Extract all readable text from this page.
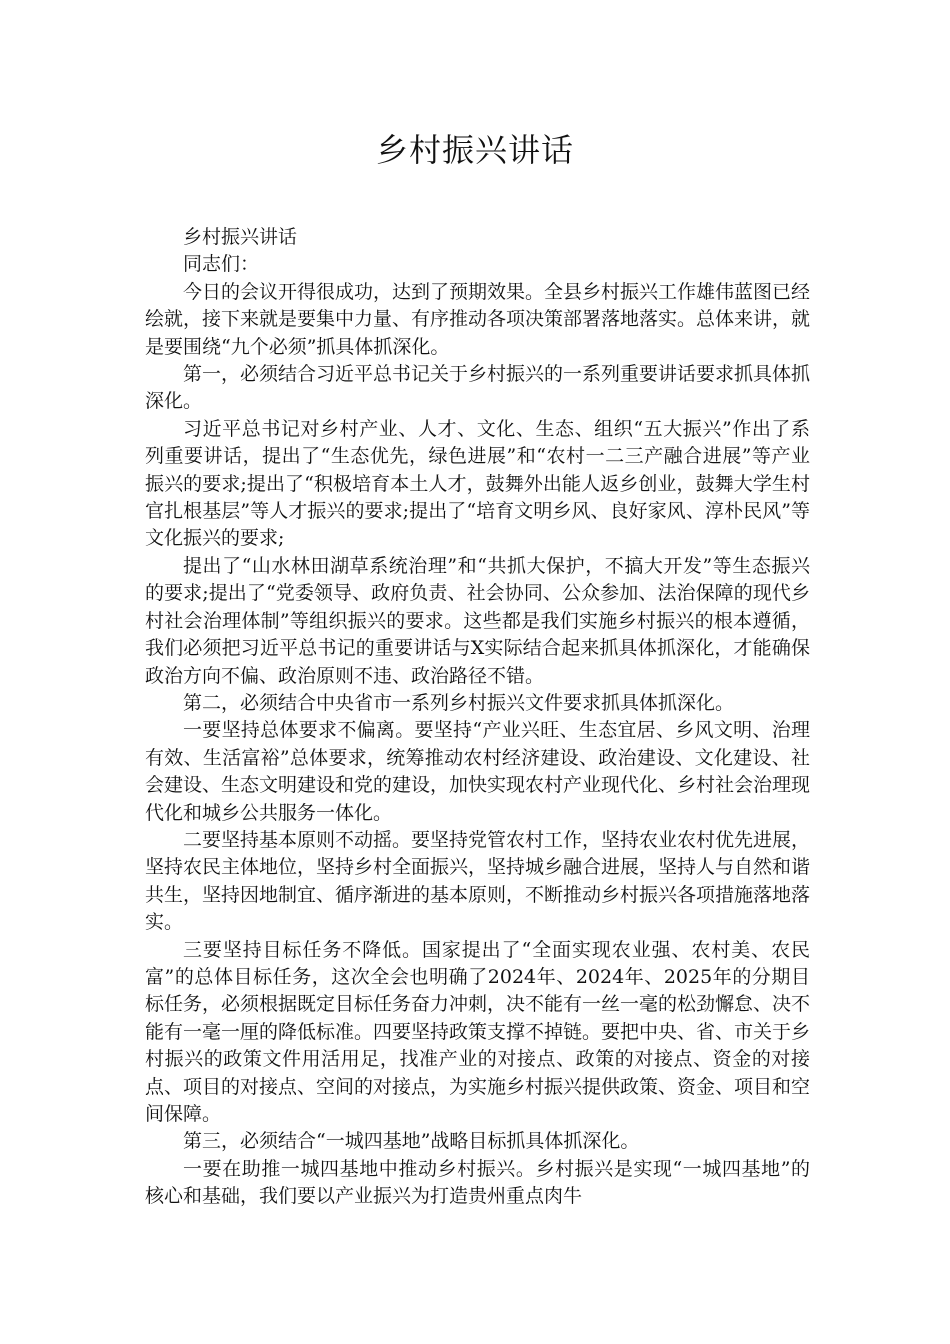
乡村振兴讲话

乡村振兴讲话

同志们：

今日的会议开得很成功，达到了预期效果。全县乡村振兴工作雄伟蓝图已经绘就，接下来就是要集中力量、有序推动各项决策部署落地落实。总体来讲，就是要围绕“九个必须”抓具体抓深化。

第一，必须结合习近平总书记关于乡村振兴的一系列重要讲话要求抓具体抓深化。

习近平总书记对乡村产业、人才、文化、生态、组织“五大振兴”作出了系列重要讲话，提出了“生态优先，绿色进展”和“农村一二三产融合进展”等产业振兴的要求;提出了“积极培育本土人才，鼓舞外出能人返乡创业，鼓舞大学生村官扎根基层”等人才振兴的要求;提出了“培育文明乡风、良好家风、淳朴民风”等文化振兴的要求;

提出了“山水林田湖草系统治理”和“共抓大保护，不搞大开发”等生态振兴的要求;提出了“党委领导、政府负责、社会协同、公众参加、法治保障的现代乡村社会治理体制”等组织振兴的要求。这些都是我们实施乡村振兴的根本遵循，我们必须把习近平总书记的重要讲话与X实际结合起来抓具体抓深化，才能确保政治方向不偏、政治原则不违、政治路径不错。

第二，必须结合中央省市一系列乡村振兴文件要求抓具体抓深化。

一要坚持总体要求不偏离。要坚持“产业兴旺、生态宜居、乡风文明、治理有效、生活富裕”总体要求，统筹推动农村经济建设、政治建设、文化建设、社会建设、生态文明建设和党的建设，加快实现农村产业现代化、乡村社会治理现代化和城乡公共服务一体化。

二要坚持基本原则不动摇。要坚持党管农村工作，坚持农业农村优先进展，坚持农民主体地位，坚持乡村全面振兴，坚持城乡融合进展，坚持人与自然和谐共生，坚持因地制宜、循序渐进的基本原则，不断推动乡村振兴各项措施落地落实。

三要坚持目标任务不降低。国家提出了“全面实现农业强、农村美、农民富”的总体目标任务，这次全会也明确了2024年、2024年、2025年的分期目标任务，必须根据既定目标任务奋力冲刺，决不能有一丝一毫的松劲懈怠、决不能有一毫一厘的降低标准。四要坚持政策支撑不掉链。要把中央、省、市关于乡村振兴的政策文件用活用足，找准产业的对接点、政策的对接点、资金的对接点、项目的对接点、空间的对接点，为实施乡村振兴提供政策、资金、项目和空间保障。

第三，必须结合“一城四基地”战略目标抓具体抓深化。

一要在助推一城四基地中推动乡村振兴。乡村振兴是实现“一城四基地”的核心和基础，我们要以产业振兴为打造贵州重点肉牛
